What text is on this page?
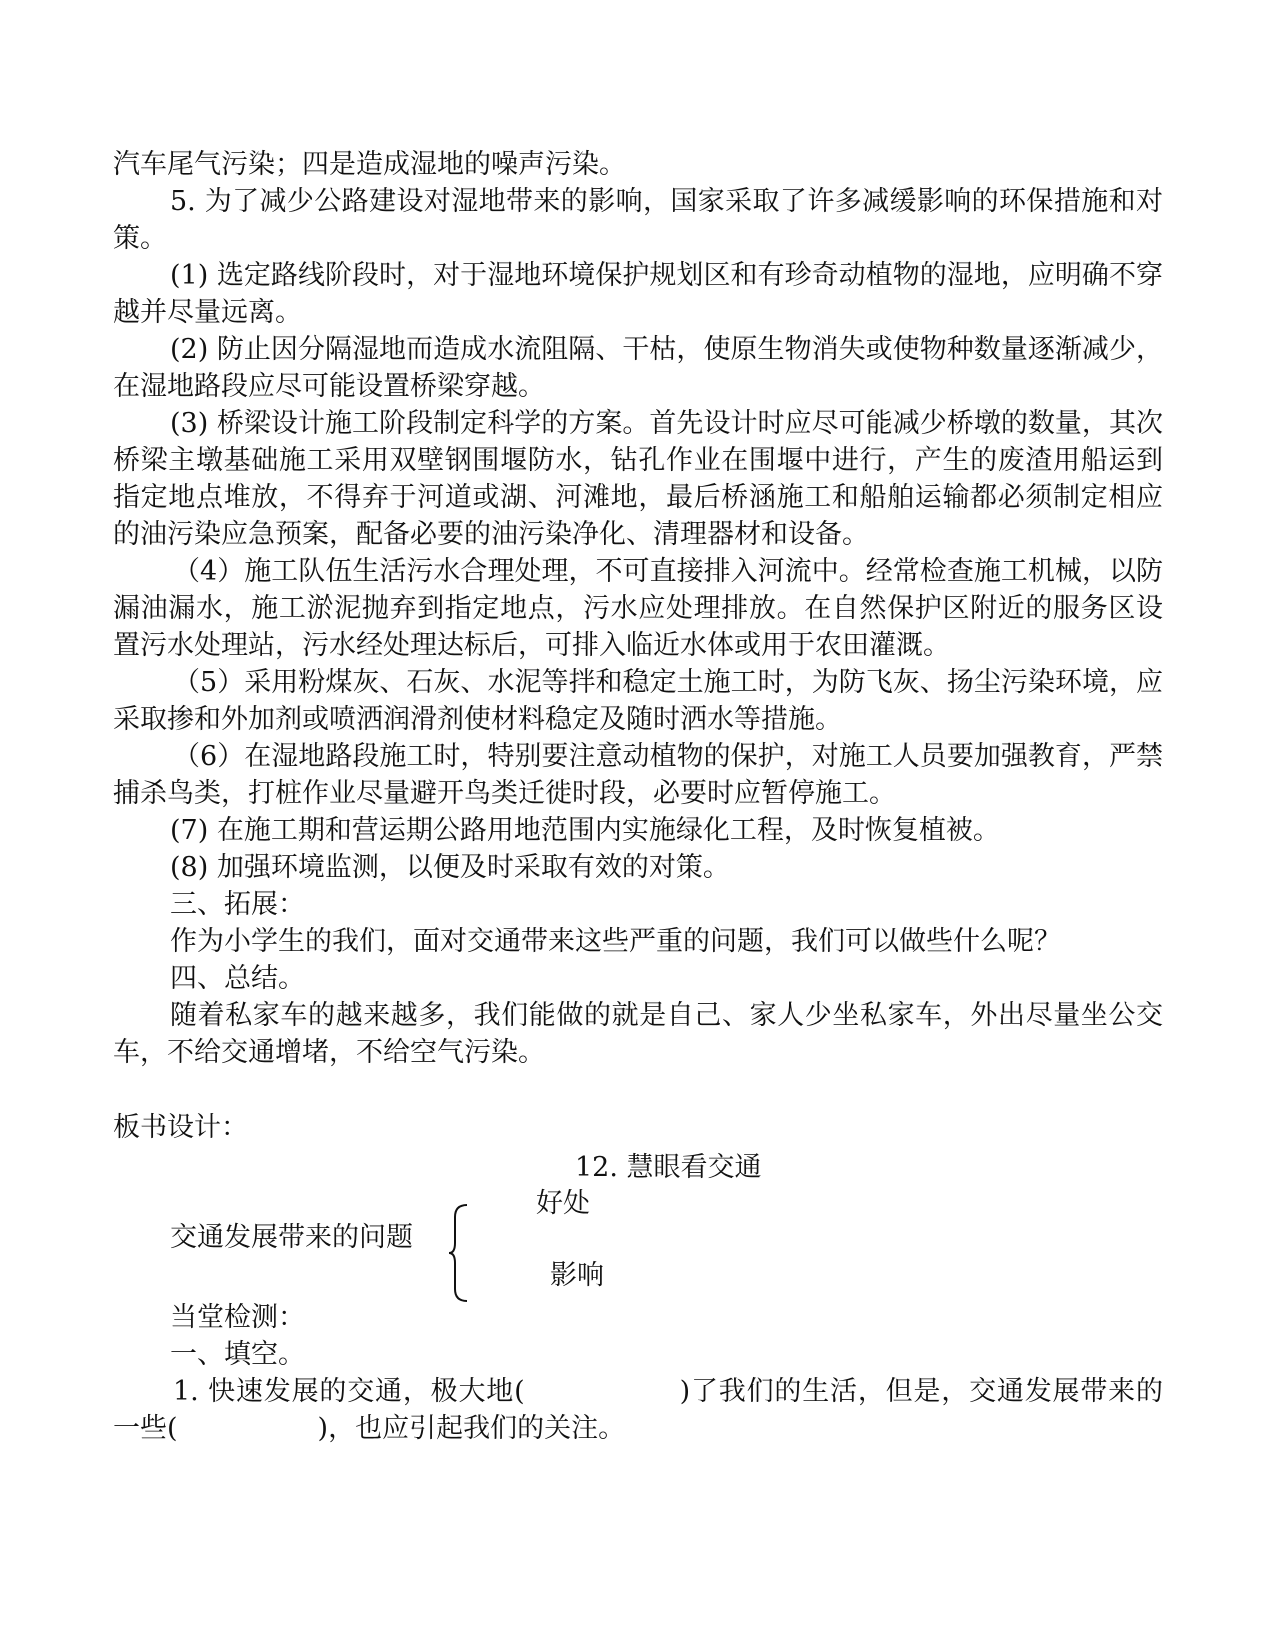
汽车尾气污染；四是造成湿地的噪声污染。

5. 为了减少公路建设对湿地带来的影响，国家采取了许多减缓影响的环保措施和对策。

(1) 选定路线阶段时，对于湿地环境保护规划区和有珍奇动植物的湿地，应明确不穿越并尽量远离。

(2) 防止因分隔湿地而造成水流阻隔、干枯，使原生物消失或使物种数量逐渐减少，在湿地路段应尽可能设置桥梁穿越。

(3) 桥梁设计施工阶段制定科学的方案。首先设计时应尽可能减少桥墩的数量，其次桥梁主墩基础施工采用双壁钢围堰防水，钻孔作业在围堰中进行，产生的废渣用船运到指定地点堆放，不得弃于河道或湖、河滩地，最后桥涵施工和船舶运输都必须制定相应的油污染应急预案，配备必要的油污染净化、清理器材和设备。

（4）施工队伍生活污水合理处理，不可直接排入河流中。经常检查施工机械，以防漏油漏水，施工淤泥抛弃到指定地点，污水应处理排放。在自然保护区附近的服务区设置污水处理站，污水经处理达标后，可排入临近水体或用于农田灌溉。

（5）采用粉煤灰、石灰、水泥等拌和稳定土施工时，为防飞灰、扬尘污染环境，应采取掺和外加剂或喷洒润滑剂使材料稳定及随时洒水等措施。

（6）在湿地路段施工时，特别要注意动植物的保护，对施工人员要加强教育，严禁捕杀鸟类，打桩作业尽量避开鸟类迁徙时段，必要时应暂停施工。

(7) 在施工期和营运期公路用地范围内实施绿化工程，及时恢复植被。

(8) 加强环境监测，以便及时采取有效的对策。

三、拓展：

作为小学生的我们，面对交通带来这些严重的问题，我们可以做些什么呢？

四、总结。

随着私家车的越来越多，我们能做的就是自己、家人少坐私家车，外出尽量坐公交车，不给交通增堵，不给空气污染。

板书设计：

12. 慧眼看交通
好处
交通发展带来的问题
影响

当堂检测：

一、填空。

1. 快速发展的交通，极大地(	)了我们的生活，但是，交通发展带来的一些(	)，也应引起我们的关注。
